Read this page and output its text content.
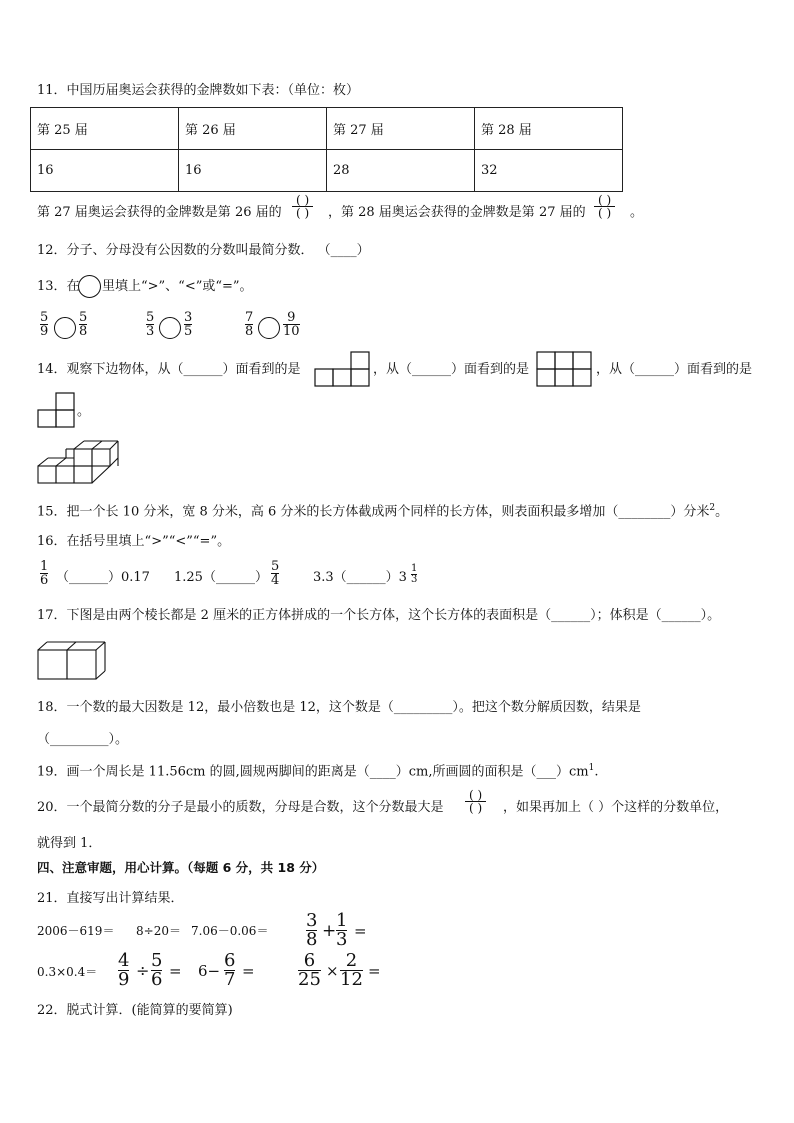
11．中国历届奥运会获得的金牌数如下表：（单位：枚）
第 25 届	第 26 届	第 27 届	第 28 届
16	16	28	32
第 27 届奥运会获得的金牌数是第 26 届的
( )
( )	，第 28 届奥运会获得的金牌数是第 27 届的
( )
( )	。
12．分子、分母没有公因数的分数叫最简分数． （____）
13．在 里填上“>”、“<”或“=”。
5
9
5
8
5
3
3
5
7
8
9
10
14．观察下边物体，从（______）面看到的是	，从（______）面看到的是	，从（______）面看到的是
。
15．把一个长 10 分米，宽 8 分米，高 6 分米的长方体截成两个同样的长方体，则表面积最多增加（________）分米$^2$。
16．在括号里填上“>”“<”“=”。
1
6 （______）0.17 1.25（______）
5
4	3.3（______）3
1
3
17．下图是由两个棱长都是 2 厘米的正方体拼成的一个长方体，这个长方体的表面积是（______）；体积是（______）。
18．一个数的最大因数是 12，最小倍数也是 12，这个数是（_________）。把这个数分解质因数，结果是
（_________）。
19．画一个周长是 11.56cm 的圆,圆规两脚间的距离是（____）cm,所画圆的面积是$(\_\_\_)cm^1$.
20．一个最简分数的分子是最小的质数，分母是合数，这个分数最大是
( )
( )	，如果再加上（ ）个这样的分数单位，
就得到 1．
四、注意审题，用心计算。（每题 6 分，共 18 分）
21．直接写出计算结果．
2006－619＝ 8÷20＝ 7.06－0.06＝ 3
8 + 1
3 =
0.3×0.4＝
4
9 ÷ 5
6 = 6− 6
7 =	6
25 × 2
12 =
22．脱式计算．(能简算的要简算)
